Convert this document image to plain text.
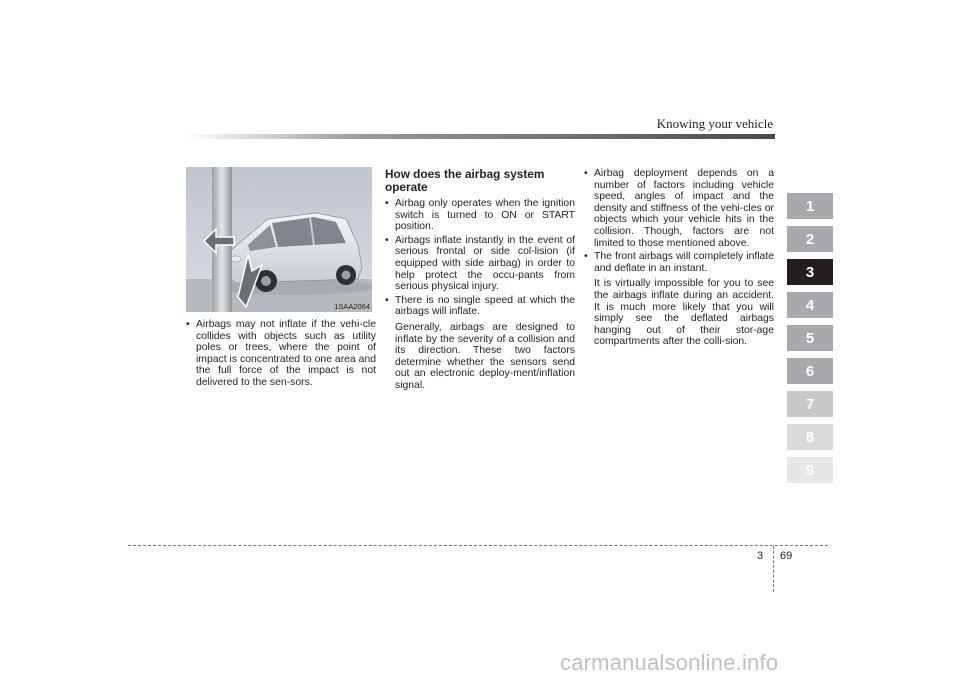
Knowing your vehicle
1SAA2064
• Airbags may not inflate if the vehi-cle collides with objects such as utility poles or trees, where the point of impact is concentrated to one area and the full force of the impact is not delivered to the sen-sors.
How does the airbag system operate
• Airbag only operates when the ignition switch is turned to ON or START position.
• Airbags inflate instantly in the event of serious frontal or side col-lision (if equipped with side airbag) in order to help protect the occu-pants from serious physical injury.
• There is no single speed at which the airbags will inflate.
Generally, airbags are designed to inflate by the severity of a collision and its direction. These two factors determine whether the sensors send out an electronic deploy-ment/inflation signal.
• Airbag deployment depends on a number of factors including vehicle speed, angles of impact and the density and stiffness of the vehi-cles or objects which your vehicle hits in the collision. Though, factors are not limited to those mentioned above.
• The front airbags will completely inflate and deflate in an instant.
It is virtually impossible for you to see the airbags inflate during an accident. It is much more likely that you will simply see the deflated airbags hanging out of their stor-age compartments after the colli-sion.
1
2
3
4
5
6
7
8
9
3 69
carmanualsonline.info
